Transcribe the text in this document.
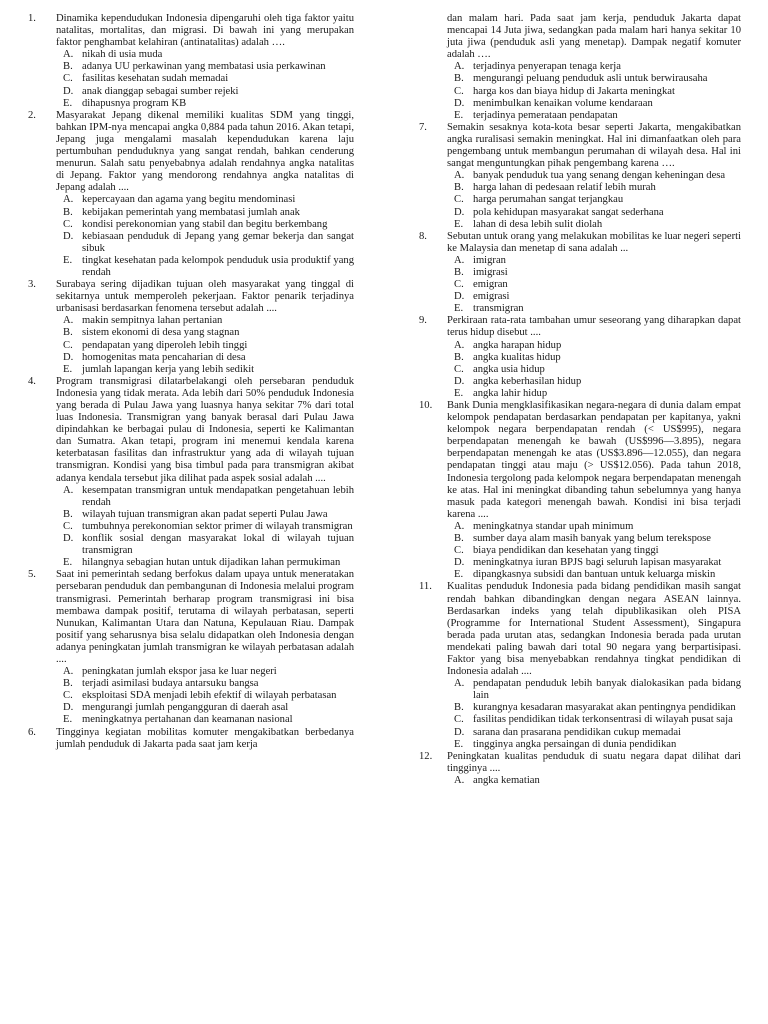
1.	Dinamika kependudukan Indonesia dipengaruhi oleh tiga faktor yaitu natalitas, mortalitas, dan migrasi. Di bawah ini yang merupakan faktor penghambat kelahiran (antinatalitas) adalah ….
A. nikah di usia muda
B. adanya UU perkawinan yang membatasi usia perkawinan
C. fasilitas kesehatan sudah memadai
D. anak dianggap sebagai sumber rejeki
E. dihapusnya program KB
2.	Masyarakat Jepang dikenal memiliki kualitas SDM yang tinggi, bahkan IPM-nya mencapai angka 0,884 pada tahun 2016. Akan tetapi, Jepang juga mengalami masalah kependudukan karena laju pertumbuhan penduduknya yang sangat rendah, bahkan cenderung menurun. Salah satu penyebabnya adalah rendahnya angka natalitas di Jepang. Faktor yang mendorong rendahnya angka natalitas di Jepang adalah ....
A. kepercayaan dan agama yang begitu mendominasi
B. kebijakan pemerintah yang membatasi jumlah anak
C. kondisi perekonomian yang stabil dan begitu berkembang
D. kebiasaan penduduk di Jepang yang gemar bekerja dan sangat sibuk
E. tingkat kesehatan pada kelompok penduduk usia produktif yang rendah
3.	Surabaya sering dijadikan tujuan oleh masyarakat yang tinggal di sekitarnya untuk memperoleh pekerjaan. Faktor penarik terjadinya urbanisasi berdasarkan fenomena tersebut adalah ....
A. makin sempitnya lahan pertanian
B. sistem ekonomi di desa yang stagnan
C. pendapatan yang diperoleh lebih tinggi
D. homogenitas mata pencaharian di desa
E. jumlah lapangan kerja yang lebih sedikit
4.	Program transmigrasi dilatarbelakangi oleh persebaran penduduk Indonesia yang tidak merata. Ada lebih dari 50% penduduk Indonesia yang berada di Pulau Jawa yang luasnya hanya sekitar 7% dari total luas Indonesia. Transmigran yang banyak berasal dari Pulau Jawa dipindahkan ke berbagai pulau di Indonesia, seperti ke Kalimantan dan Sumatra. Akan tetapi, program ini menemui kendala karena keterbatasan fasilitas dan infrastruktur yang ada di wilayah tujuan transmigran. Kondisi yang bisa timbul pada para transmigran akibat adanya kendala tersebut jika dilihat pada aspek sosial adalah ....
A. kesempatan transmigran untuk mendapatkan pengetahuan lebih rendah
B. wilayah tujuan transmigran akan padat seperti Pulau Jawa
C. tumbuhnya perekonomian sektor primer di wilayah transmigran
D. konflik sosial dengan masyarakat lokal di wilayah tujuan transmigran
E. hilangnya sebagian hutan untuk dijadikan lahan permukiman
5.	Saat ini pemerintah sedang berfokus dalam upaya untuk meneratakan persebaran penduduk dan pembangunan di Indonesia melalui program transmigrasi. Pemerintah berharap program transmigrasi ini bisa membawa dampak positif, terutama di wilayah perbatasan, seperti Nunukan, Kalimantan Utara dan Natuna, Kepulauan Riau. Dampak positif yang seharusnya bisa selalu didapatkan oleh Indonesia dengan adanya peningkatan jumlah transmigran ke wilayah perbatasan adalah ....
A. peningkatan jumlah ekspor jasa ke luar negeri
B. terjadi asimilasi budaya antarsuku bangsa
C. eksploitasi SDA menjadi lebih efektif di wilayah perbatasan
D. mengurangi jumlah pengangguran di daerah asal
E. meningkatnya pertahanan dan keamanan nasional
6.	Tingginya kegiatan mobilitas komuter mengakibatkan berbedanya jumlah penduduk di Jakarta pada saat jam kerja
dan malam hari. Pada saat jam kerja, penduduk Jakarta dapat mencapai 14 Juta jiwa, sedangkan pada malam hari hanya sekitar 10 juta jiwa (penduduk asli yang menetap). Dampak negatif komuter adalah ….
A. terjadinya penyerapan tenaga kerja
B. mengurangi peluang penduduk asli untuk berwirausaha
C. harga kos dan biaya hidup di Jakarta meningkat
D. menimbulkan kenaikan volume kendaraan
E. terjadinya pemerataan pendapatan
7.	Semakin sesaknya kota-kota besar seperti Jakarta, mengakibatkan angka ruralisasi semakin meningkat. Hal ini dimanfaatkan oleh para pengembang untuk membangun perumahan di wilayah desa. Hal ini sangat menguntungkan pihak pengembang karena ….
A. banyak penduduk tua yang senang dengan keheningan desa
B. harga lahan di pedesaan relatif lebih murah
C. harga perumahan sangat terjangkau
D. pola kehidupan masyarakat sangat sederhana
E. lahan di desa lebih sulit diolah
8.	Sebutan untuk orang yang melakukan mobilitas ke luar negeri seperti ke Malaysia dan menetap di sana adalah ...
A. imigran
B. imigrasi
C. emigran
D. emigrasi
E. transmigran
9.	Perkiraan rata-rata tambahan umur seseorang yang diharapkan dapat terus hidup disebut ....
A. angka harapan hidup
B. angka kualitas hidup
C. angka usia hidup
D. angka keberhasilan hidup
E. angka lahir hidup
10.	Bank Dunia mengklasifikasikan negara-negara di dunia dalam empat kelompok pendapatan berdasarkan pendapatan per kapitanya, yakni kelompok negara berpendapatan rendah (< US$995), negara berpendapatan menengah ke bawah (US$996—3.895), negara berpendapatan menengah ke atas (US$3.896—12.055), dan negara pendapatan tinggi atau maju (> US$12.056). Pada tahun 2018, Indonesia tergolong pada kelompok negara berpendapatan menengah ke atas. Hal ini meningkat dibanding tahun sebelumnya yang hanya masuk pada kategori menengah bawah. Kondisi ini bisa terjadi karena ....
A. meningkatnya standar upah minimum
B. sumber daya alam masih banyak yang belum terekspose
C. biaya pendidikan dan kesehatan yang tinggi
D. meningkatnya iuran BPJS bagi seluruh lapisan masyarakat
E. dipangkasnya subsidi dan bantuan untuk keluarga miskin
11.	Kualitas penduduk Indonesia pada bidang pendidikan masih sangat rendah bahkan dibandingkan dengan negara ASEAN lainnya. Berdasarkan indeks yang telah dipublikasikan oleh PISA (Programme for International Student Assessment), Singapura berada pada urutan atas, sedangkan Indonesia berada pada urutan mendekati paling bawah dari total 90 negara yang berpartisipasi. Faktor yang bisa menyebabkan rendahnya tingkat pendidikan di Indonesia adalah ....
A. pendapatan penduduk lebih banyak dialokasikan pada bidang lain
B. kurangnya kesadaran masyarakat akan pentingnya pendidikan
C. fasilitas pendidikan tidak terkonsentrasi di wilayah pusat saja
D. sarana dan prasarana pendidikan cukup memadai
E. tingginya angka persaingan di dunia pendidikan
12.	Peningkatan kualitas penduduk di suatu negara dapat dilihat dari tingginya ....
A. angka kematian
